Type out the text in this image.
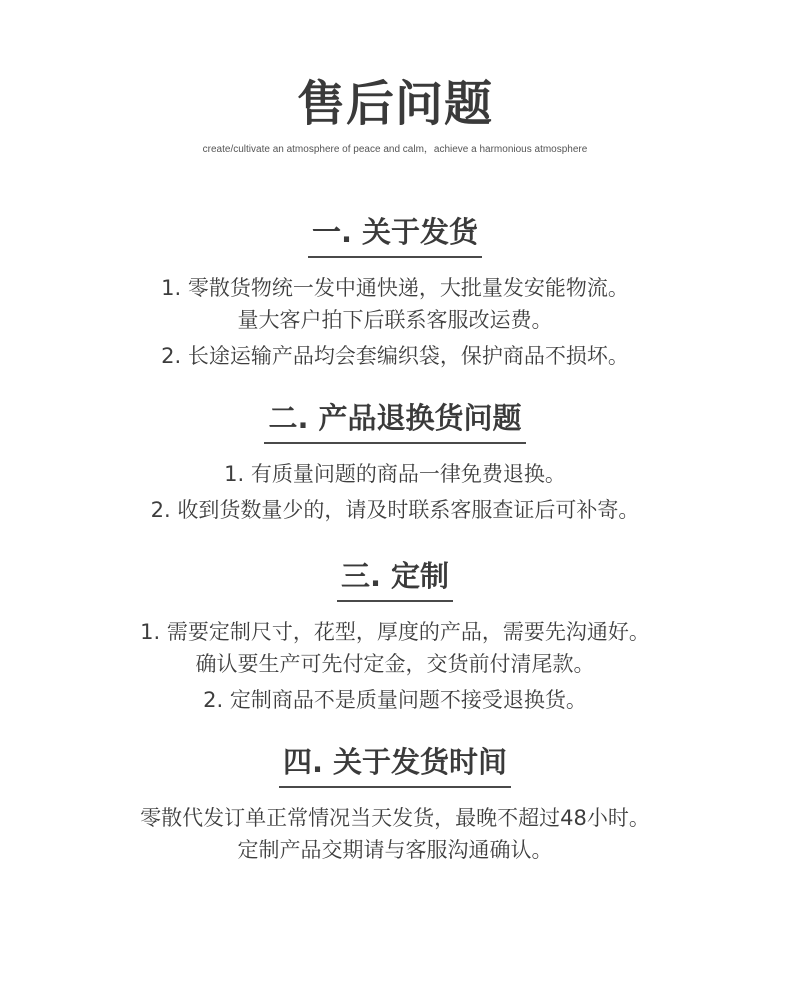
售后问题
create/cultivate an atmosphere of peace and calm，achieve a harmonious atmosphere
一. 关于发货
1. 零散货物统一发中通快递，大批量发安能物流。
量大客户拍下后联系客服改运费。
2. 长途运输产品均会套编织袋，保护商品不损坏。
二. 产品退换货问题
1. 有质量问题的商品一律免费退换。
2. 收到货数量少的，请及时联系客服查证后可补寄。
三. 定制
1. 需要定制尺寸，花型，厚度的产品，需要先沟通好。
确认要生产可先付定金，交货前付清尾款。
2. 定制商品不是质量问题不接受退换货。
四. 关于发货时间
零散代发订单正常情况当天发货，最晚不超过48小时。
定制产品交期请与客服沟通确认。
